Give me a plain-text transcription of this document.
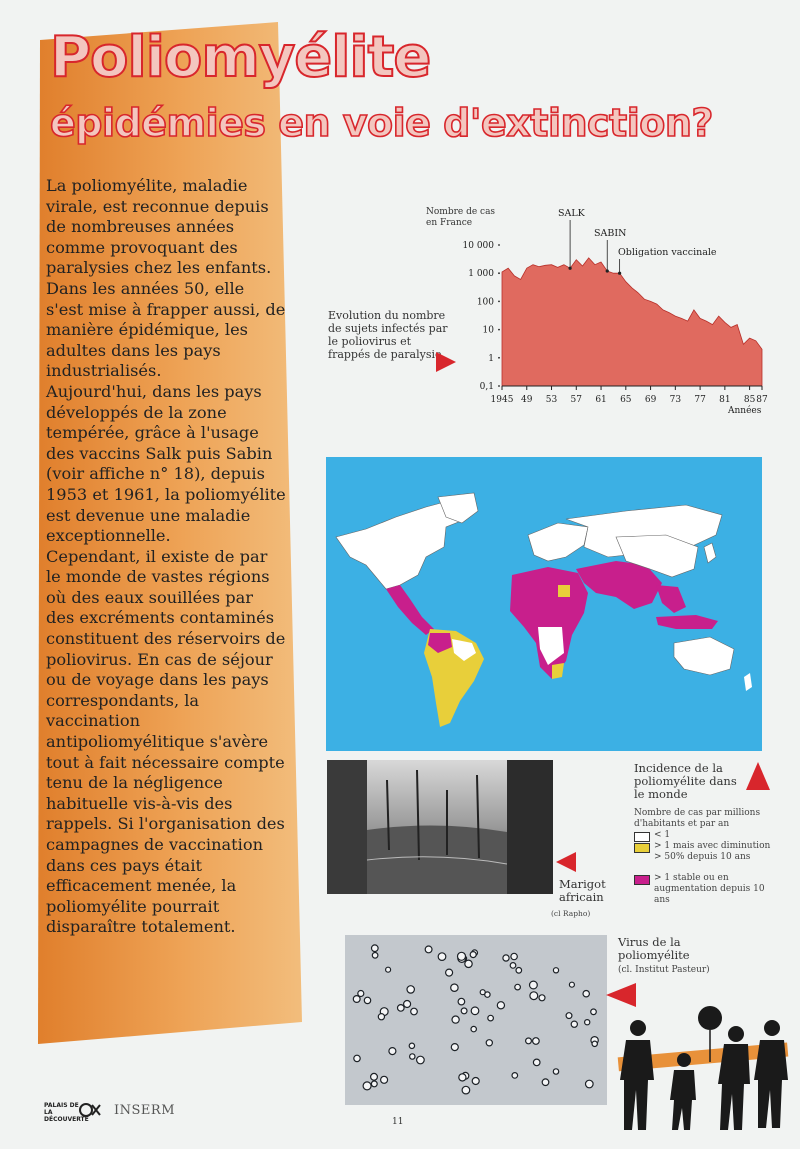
Poliomyélite
épidémies en voie d'extinction?

La poliomyélite, maladie virale, est reconnue depuis de nombreuses années comme provoquant des paralysies chez les enfants.

Dans les années 50, elle s'est mise à frapper aussi, de manière épidémique, les adultes dans les pays industrialisés.

Aujourd'hui, dans les pays développés de la zone tempérée, grâce à l'usage des vaccins Salk puis Sabin (voir affiche n° 18), depuis 1953 et 1961, la poliomyélite est devenue une maladie exceptionnelle.

Cependant, il existe de par le monde de vastes régions où des eaux souillées par des excréments contaminés constituent des réservoirs de poliovirus. En cas de séjour ou de voyage dans les pays correspondants, la vaccination antipoliomyélitique s'avère tout à fait nécessaire compte tenu de la négligence habituelle vis-à-vis des rappels. Si l'organisation des campagnes de vaccination dans ces pays était efficacement menée, la poliomyélite pourrait disparaître totalement.

Nombre de cas
en France
10 000
1 000
100
10
1
0,1
1945 49 53 57 61 65 69 73 77 81 85 87
Années
SALK
SABIN
Obligation vaccinale
Evolution du nombre de sujets infectés par le poliovirus et frappés de paralysie.
Incidence de la poliomyélite dans le monde
Nombre de cas par millions d'habitants et par an
< 1
> 1 mais avec diminution > 50% depuis 10 ans
> 1 stable ou en augmentation depuis 10 ans
Marigot africain
(cl Rapho)
Virus de la poliomyélite
(cl. Institut Pasteur)
PALAIS DE LA DÉCOUVERTE
INSERM
11
